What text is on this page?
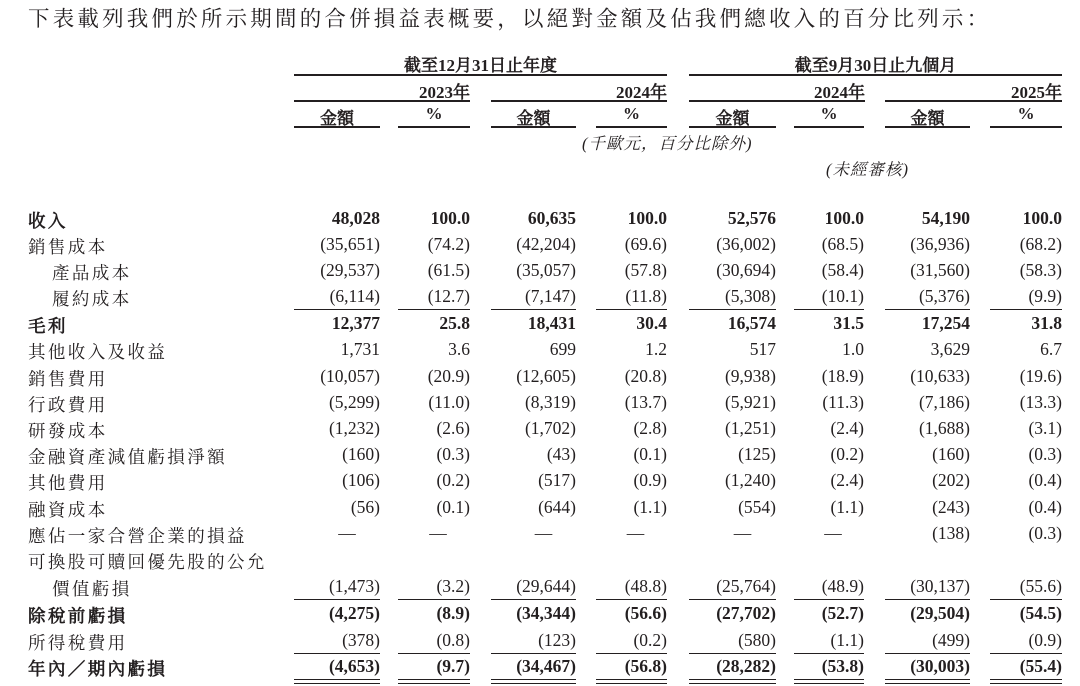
下表載列我們於所示期間的合併損益表概要，以絕對金額及佔我們總收入的百分比列示：
截至12月31日止年度	截至9月30日止九個月
2023年	2024年	2024年	2025年
金額	%	金額	%	金額	%	金額	%
(千歐元，百分比除外)
(未經審核)
收入	48,028	100.0	60,635	100.0	52,576	100.0	54,190	100.0
銷售成本	(35,651)	(74.2)	(42,204)	(69.6)	(36,002)	(68.5)	(36,936)	(68.2)
產品成本	(29,537)	(61.5)	(35,057)	(57.8)	(30,694)	(58.4)	(31,560)	(58.3)
履約成本	(6,114)	(12.7)	(7,147)	(11.8)	(5,308)	(10.1)	(5,376)	(9.9)
毛利	12,377	25.8	18,431	30.4	16,574	31.5	17,254	31.8
其他收入及收益	1,731	3.6	699	1.2	517	1.0	3,629	6.7
銷售費用	(10,057)	(20.9)	(12,605)	(20.8)	(9,938)	(18.9)	(10,633)	(19.6)
行政費用	(5,299)	(11.0)	(8,319)	(13.7)	(5,921)	(11.3)	(7,186)	(13.3)
研發成本	(1,232)	(2.6)	(1,702)	(2.8)	(1,251)	(2.4)	(1,688)	(3.1)
金融資產減值虧損淨額	(160)	(0.3)	(43)	(0.1)	(125)	(0.2)	(160)	(0.3)
其他費用	(106)	(0.2)	(517)	(0.9)	(1,240)	(2.4)	(202)	(0.4)
融資成本	(56)	(0.1)	(644)	(1.1)	(554)	(1.1)	(243)	(0.4)
應佔一家合營企業的損益	—	—	—	—	—	—	(138)	(0.3)
可換股可贖回優先股的公允
價值虧損	(1,473)	(3.2)	(29,644)	(48.8)	(25,764)	(48.9)	(30,137)	(55.6)
除稅前虧損	(4,275)	(8.9)	(34,344)	(56.6)	(27,702)	(52.7)	(29,504)	(54.5)
所得稅費用	(378)	(0.8)	(123)	(0.2)	(580)	(1.1)	(499)	(0.9)
年內／期內虧損	(4,653)	(9.7)	(34,467)	(56.8)	(28,282)	(53.8)	(30,003)	(55.4)
